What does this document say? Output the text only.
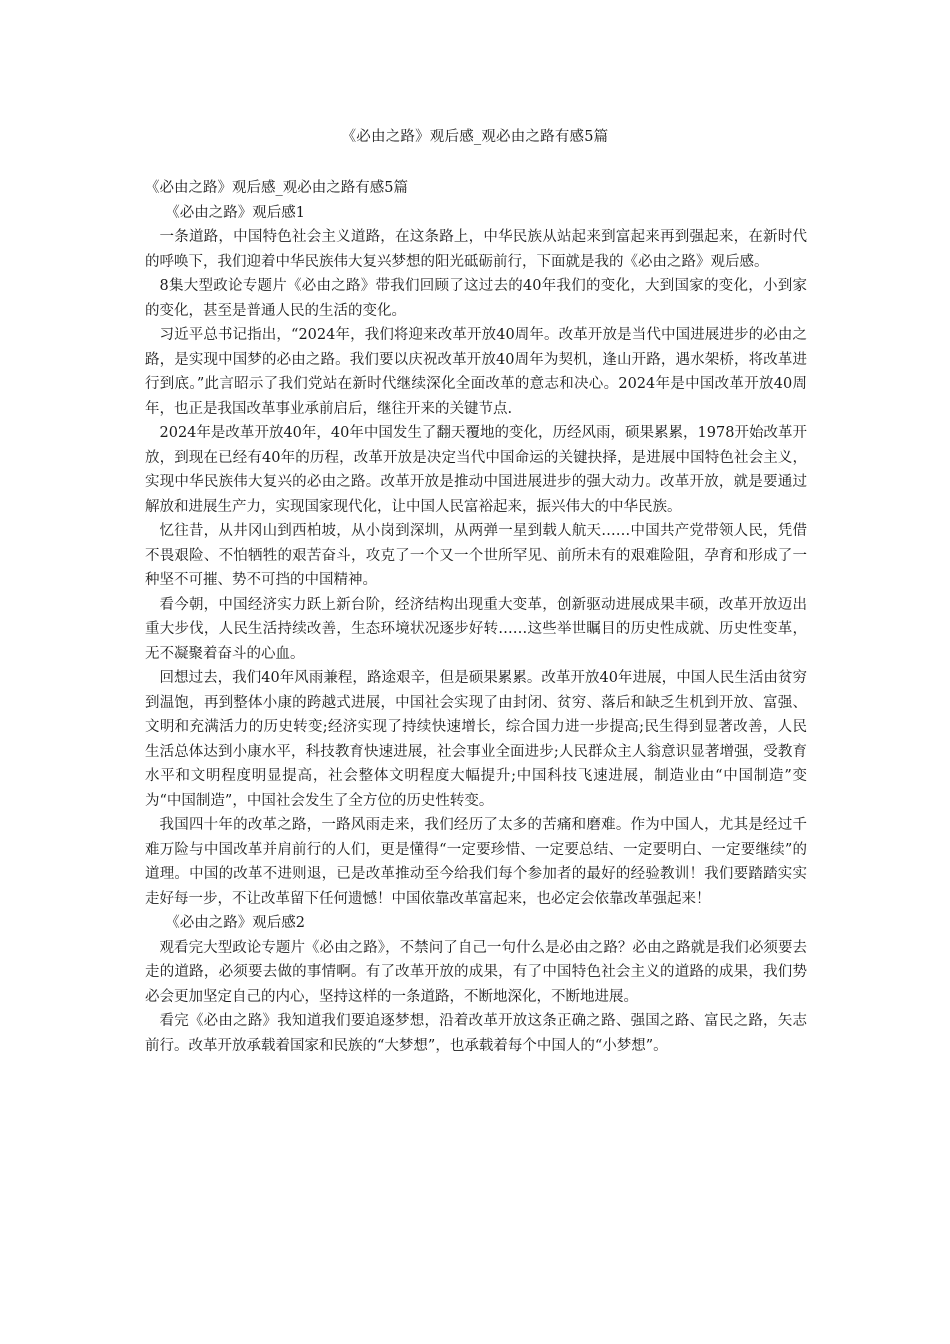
《必由之路》观后感_观必由之路有感5篇

《必由之路》观后感_观必由之路有感5篇

《必由之路》观后感1

一条道路，中国特色社会主义道路，在这条路上，中华民族从站起来到富起来再到强起来，在新时代的呼唤下，我们迎着中华民族伟大复兴梦想的阳光砥砺前行，下面就是我的《必由之路》观后感。

8集大型政论专题片《必由之路》带我们回顾了这过去的40年我们的变化，大到国家的变化，小到家的变化，甚至是普通人民的生活的变化。

习近平总书记指出，“2024年，我们将迎来改革开放40周年。改革开放是当代中国进展进步的必由之路，是实现中国梦的必由之路。我们要以庆祝改革开放40周年为契机，逢山开路，遇水架桥，将改革进行到底。”此言昭示了我们党站在新时代继续深化全面改革的意志和决心。2024年是中国改革开放40周年，也正是我国改革事业承前启后，继往开来的关键节点.

2024年是改革开放40年，40年中国发生了翻天覆地的变化，历经风雨，硕果累累，1978开始改革开放，到现在已经有40年的历程，改革开放是决定当代中国命运的关键抉择，是进展中国特色社会主义，实现中华民族伟大复兴的必由之路。改革开放是推动中国进展进步的强大动力。改革开放，就是要通过解放和进展生产力，实现国家现代化，让中国人民富裕起来，振兴伟大的中华民族。

忆往昔，从井冈山到西柏坡，从小岗到深圳，从两弹一星到载人航天……中国共产党带领人民，凭借不畏艰险、不怕牺牲的艰苦奋斗，攻克了一个又一个世所罕见、前所未有的艰难险阻，孕育和形成了一种坚不可摧、势不可挡的中国精神。

看今朝，中国经济实力跃上新台阶，经济结构出现重大变革，创新驱动进展成果丰硕，改革开放迈出重大步伐，人民生活持续改善，生态环境状况逐步好转……这些举世瞩目的历史性成就、历史性变革，无不凝聚着奋斗的心血。

回想过去，我们40年风雨兼程，路途艰辛，但是硕果累累。改革开放40年进展，中国人民生活由贫穷到温饱，再到整体小康的跨越式进展，中国社会实现了由封闭、贫穷、落后和缺乏生机到开放、富强、文明和充满活力的历史转变;经济实现了持续快速增长，综合国力进一步提高;民生得到显著改善，人民生活总体达到小康水平，科技教育快速进展，社会事业全面进步;人民群众主人翁意识显著增强，受教育水平和文明程度明显提高，社会整体文明程度大幅提升;中国科技飞速进展，制造业由“中国制造”变为“中国制造”，中国社会发生了全方位的历史性转变。

我国四十年的改革之路，一路风雨走来，我们经历了太多的苦痛和磨难。作为中国人，尤其是经过千难万险与中国改革并肩前行的人们，更是懂得“一定要珍惜、一定要总结、一定要明白、一定要继续”的道理。中国的改革不进则退，已是改革推动至今给我们每个参加者的最好的经验教训！我们要踏踏实实走好每一步，不让改革留下任何遗憾！中国依靠改革富起来，也必定会依靠改革强起来！

《必由之路》观后感2

观看完大型政论专题片《必由之路》，不禁问了自己一句什么是必由之路？必由之路就是我们必须要去走的道路，必须要去做的事情啊。有了改革开放的成果，有了中国特色社会主义的道路的成果，我们势必会更加坚定自己的内心，坚持这样的一条道路，不断地深化，不断地进展。

看完《必由之路》我知道我们要追逐梦想，沿着改革开放这条正确之路、强国之路、富民之路，矢志前行。改革开放承载着国家和民族的“大梦想”，也承载着每个中国人的“小梦想”。
